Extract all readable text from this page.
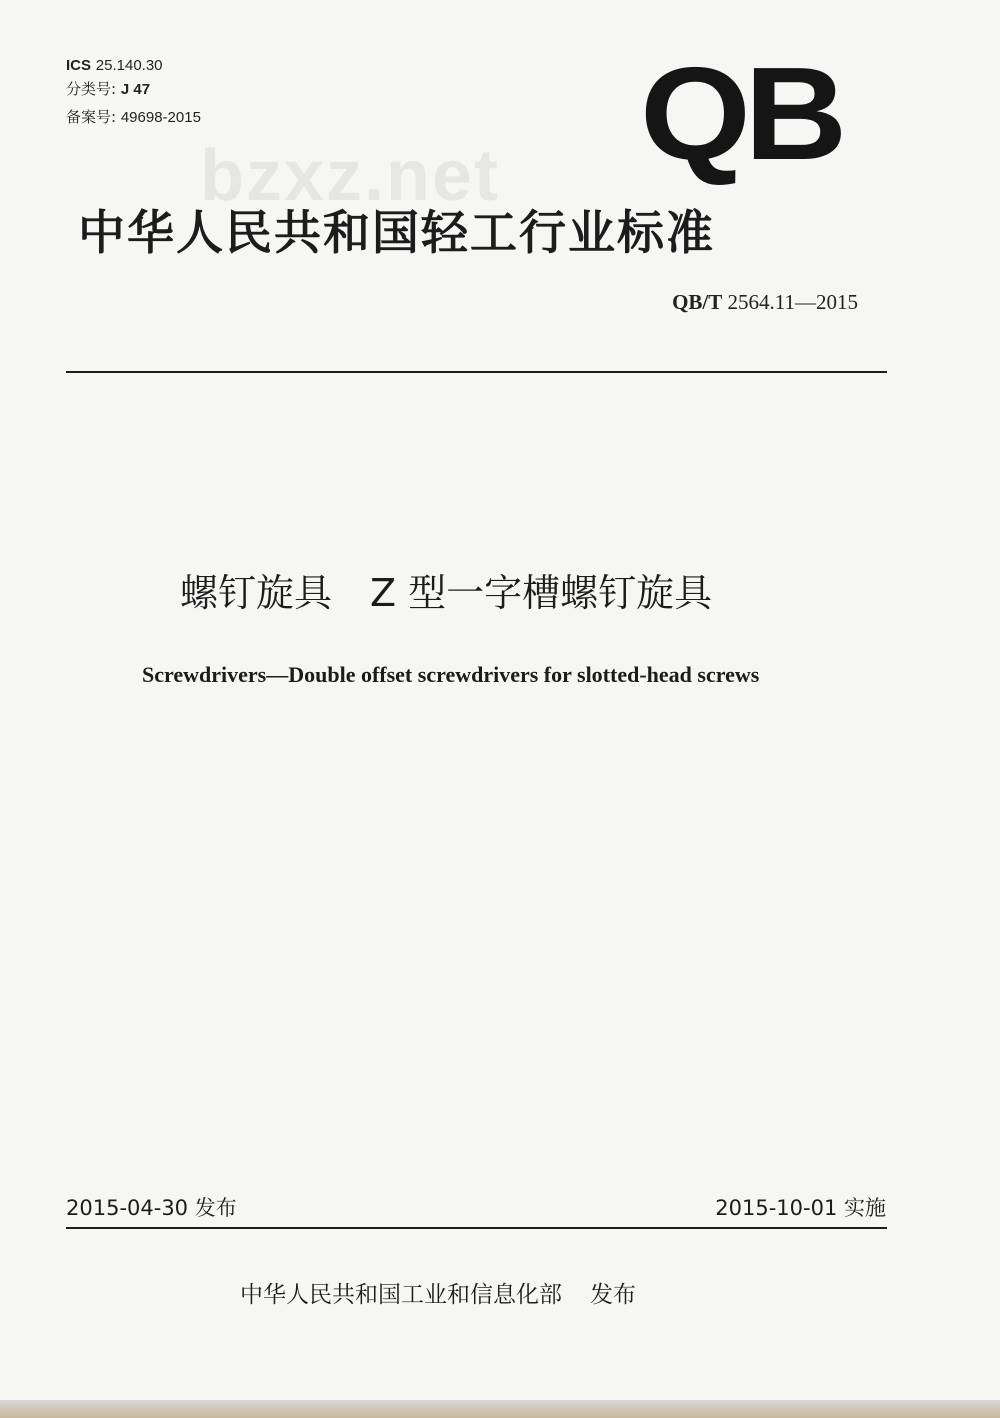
ICS 25.140.30
分类号: J 47
备案号: 49698-2015	QB
bzxz.net
中华人民共和国轻工行业标准
QB/T 2564.11—2015
螺钉旋具　Z 型一字槽螺钉旋具
Screwdrivers—Double offset screwdrivers for slotted-head screws
2015-04-30 发布	2015-10-01 实施
中华人民共和国工业和信息化部 发布
